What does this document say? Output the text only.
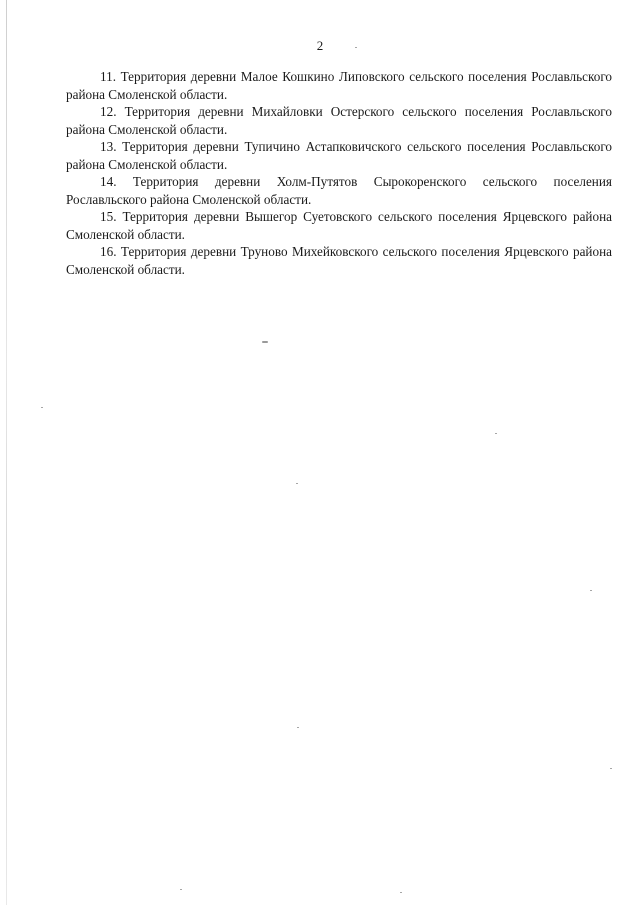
2

11. Территория деревни Малое Кошкино Липовского сельского поселения Рославльского района Смоленской области.

12. Территория деревни Михайловки Остерского сельского поселения Рославльского района Смоленской области.

13. Территория деревни Тупичино Астапковичского сельского поселения Рославльского района Смоленской области.

14. Территория деревни Холм-Путятов Сырокоренского сельского поселения Рославльского района Смоленской области.

15. Территория деревни Вышегор Суетовского сельского поселения Ярцевского района Смоленской области.

16. Территория деревни Труново Михейковского сельского поселения Ярцевского района Смоленской области.
